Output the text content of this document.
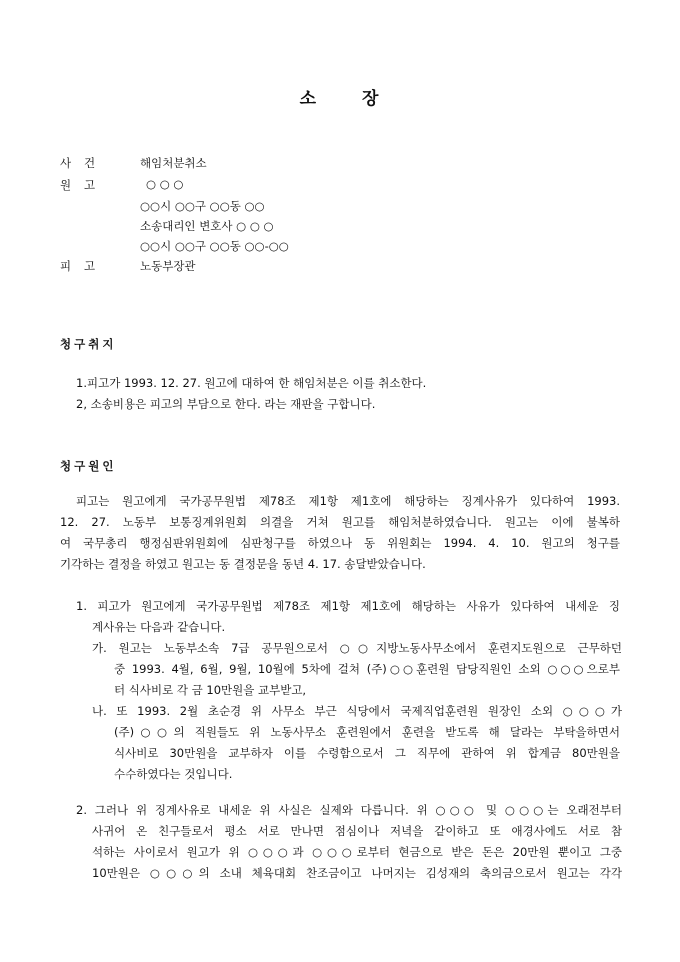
소	장
사 건	해임처분취소
원 고	○ ○ ○
○○시 ○○구 ○○동 ○○
소송대리인 변호사 ○ ○ ○
○○시 ○○구 ○○동 ○○-○○
피 고	노동부장관
청구취지
1.피고가 1993. 12. 27. 원고에 대하여 한 해임처분은 이를 취소한다.
2, 소송비용은 피고의 부담으로 한다. 라는 재판을 구합니다.
청구원인
피고는 원고에게 국가공무원법 제78조 제1항 제1호에 해당하는 징계사유가 있다하여 1993.
12. 27. 노동부 보통징계위원회 의결을 거쳐 원고를 해임처분하였습니다. 원고는 이에 불복하
여 국무총리 행정심판위원회에 심판청구를 하였으나 동 위원회는 1994. 4. 10. 원고의 청구를
기각하는 결정을 하였고 원고는 동 결정문을 동년 4. 17. 송달받았습니다.
1. 피고가 원고에게 국가공무원법 제78조 제1항 제1호에 해당하는 사유가 있다하여 내세운 징
계사유는 다음과 같습니다.
가. 원고는 노동부소속 7급 공무원으로서 ○○지방노동사무소에서 훈련지도원으로 근무하던
중 1993. 4월, 6월, 9월, 10월에 5차에 걸쳐 (주)○○훈련원 담당직원인 소외 ○○○으로부
터 식사비로 각 금 10만원을 교부받고,
나. 또 1993. 2월 초순경 위 사무소 부근 식당에서 국제직업훈련원 원장인 소외 ○○○가
(주)○○의 직원들도 위 노동사무소 훈련원에서 훈련을 받도록 해 달라는 부탁을하면서
식사비로 30만원을 교부하자 이를 수령함으로서 그 직무에 관하여 위 합계금 80만원을
수수하였다는 것입니다.
2. 그러나 위 징계사유로 내세운 위 사실은 실제와 다릅니다. 위 ○○○ 및 ○○○는 오래전부터
사귀어 온 친구들로서 평소 서로 만나면 점심이나 저녁을 같이하고 또 애경사에도 서로 참
석하는 사이로서 원고가 위 ○○○과 ○○○로부터 현금으로 받은 돈은 20만원 뿐이고 그중
10만원은 ○○○의 소내 체육대회 찬조금이고 나머지는 김성재의 축의금으로서 원고는 각각
